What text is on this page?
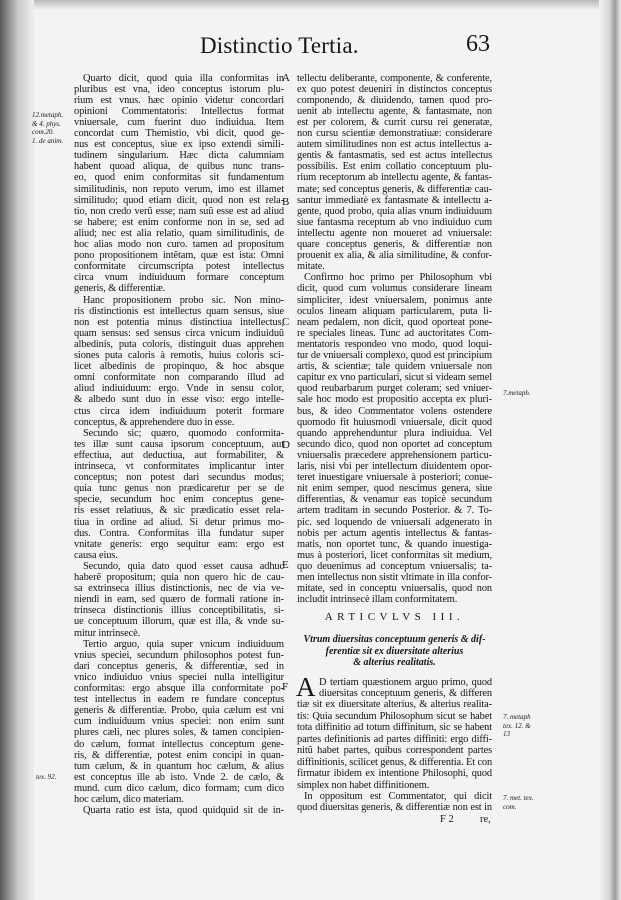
Distinctio Tertia.	63
Quarto dicit, quod quia illa conformitas in
pluribus est vna, ideo conceptus istorum plu-
rium est vnus. hæc opinio videtur concordari
opinioni Commentatoris: Intellectus format
vniuersale, cum fuerint duo indiuidua. Item
concordat cum Themistio, vbi dicit, quod ge-
nus est conceptus, siue ex ipso extendi simili-
tudinem singularium. Hæc dicta calumniam
habent quoad aliqua, de quibus nunc trans-
eo, quod enim conformitas sit fundamentum
similitudinis, non reputo verum, imo est illamet
similitudo; quod etiam dicit, quod non est rela-
tio, non credo verũ esse; nam suũ esse est ad aliud
se habere; est enim conforme non in se, sed ad
aliud; nec est alia relatio, quam similitudinis, de
hoc alias modo non curo. tamen ad propositum
pono propositionem intẽtam, quæ est ista: Omni
conformitate circumscripta potest intellectus
circa vnum indiuiduum formare conceptum
generis, & differentiæ.
Hanc propositionem probo sic. Non mino-
ris distinctionis est intellectus quam sensus, siue
non est potentia minus distinctiua intellectus,
quam sensus: sed sensus circa vnicum indiuiduũ
albedinis, puta coloris, distinguit duas apprehen
siones puta caloris à remotis, huius coloris sci-
licet albedinis de propinquo, & hoc absque
omni conformitate non comparando illud ad
aliud indiuiduum: ergo. Vnde in sensu color,
& albedo sunt duo in esse viso: ergo intelle-
ctus circa idem indiuiduum poterit formare
conceptus, & apprehendere duo in esse.
Secundo sic; quæro, quomodo conformita-
tes illæ sunt causa ipsorum conceptuum, aut
effectiua, aut deductiua, aut formabiliter, &
intrinseca, vt conformitates implicantur inter
conceptus; non potest dari secundus modus;
quia tunc genus non prædicaretur per se de
specie, secundum hoc enim conceptus gene-
ris esset relatiuus, & sic prædicatio esset rela-
tiua in ordine ad aliud. Si detur primus mo-
dus. Contra. Conformitas illa fundatur super
vnitate generis: ergo sequitur eam: ergo est
causa eius.
Secundo, quia dato quod esset causa adhuc
haberẽ propositum; quia non quero hic de cau-
sa extrinseca illius distinctionis, nec de via ve-
niendi in eam, sed quæro de formali ratione in-
trinseca distinctionis illius conceptibilitatis, si-
ue conceptuum illorum, quæ est illa, & vnde su-
mitur intrinsecè.
Tertio arguo, quia super vnicum indiuiduum
vnius speciei, secundum philosophos potest fun-
dari conceptus generis, & differentiæ, sed in
vnico indiuiduo vnius speciei nulla intelligitur
conformitas: ergo absque illa conformitate po-
test intellectus in eadem re fundare conceptus
generis & differentiæ. Probo, quia cælum est vni
cum indiuiduum vnius speciei: non enim sunt
plures cæli, nec plures soles, & tamen concipien-
do cælum, format intellectus conceptum gene-
ris, & differentiæ, potest enim concipi in quan-
tum cælum, & in quantum hoc cælum, & alius
est conceptus ille ab isto. Vnde 2. de cælo, &
mund. cum dico cælum, dico formam; cum dico
hoc cælum, dico materiam.
Quarta ratio est ista, quod quidquid sit de in-
tellectu deliberante, componente, & conferente,
ex quo potest deueniri in distinctos conceptus
componendo, & diuidendo, tamen quod pro-
uenit ab intellectu agente, & fantasmate, non
est per colorem, & currit cursu rei generatæ,
non cursu scientiæ demonstratiuæ: considerare
autem similitudines non est actus intellectus a-
gentis & fantasmatis, sed est actus intellectus
possibilis. Est enim collatio conceptuum plu-
rium receptorum ab intellectu agente, & fantas-
mate; sed conceptus generis, & differentiæ cau-
santur immediatè ex fantasmate & intellectu a-
gente, quod probo, quia alias vnum indiuiduum
siue fantasma receptum ab vno indiuiduo cum
intellectu agente non moueret ad vniuersale:
quare conceptus generis, & differentiæ non
prouenit ex alia, & alia similitudine, & confor-
mitate.
Confirmo hoc primo per Philosophum vbi
dicit, quod cum volumus considerare lineam
simpliciter, idest vniuersalem, ponimus ante
oculos lineam aliquam particularem, puta li-
neam pedalem, non dicit, quod oporteat pone-
re speciales lineas. Tunc ad auctoritates Com-
mentatoris respondeo vno modo, quod loqui-
tur de vniuersali complexo, quod est principium
artis, & scientiæ; tale quidem vniuersale non
capitur ex vno particulari, sicut si videam semel
quod reubarbarum purget coleram; sed vniuer-
sale hoc modo est propositio accepta ex pluri-
bus, & ideo Commentator volens ostendere
quomodo fit huiusmodi vniuersale, dicit quod
quando apprehenduntur plura indiuidua. Vel
secundo dico, quod non oportet ad conceptum
vniuersalis præcedere apprehensionem particu-
laris, nisi vbi per intellectum diuidentem opor-
teret inuestigare vniuersale à posteriori; conue-
nit enim semper, quod nescimus genera, siue
differentias, & venamur eas topicè secundum
artem traditam in secundo Posterior. & 7. To-
pic. sed loquendo de vniuersali adgenerato in
nobis per actum agentis intellectus & fantas-
matis, non oportet tunc, & quando inuestiga-
mus à posteriori, licet conformitas sit medium,
quo deuenimus ad conceptum vniuersalis; ta-
men intellectus non sistit vltimate in illa confor-
mitate, sed in conceptu vniuersalis, quod non
includit intrinsecè illam conformitatem.
A
B
C
D
E
F
12.metaph.
& 4. phys.
com.20.
1. de anim.
tex. 92.
7.metaph.
7. metaph
tex. 12. &
13
7. met. tex.
com.
ARTICVLVS III.
Vtrum diuersitas conceptuum generis & dif-
ferentiæ sit ex diuersitate alterius
& alterius realitatis.
A D tertiam quæstionem arguo primo, quod
diuersitas conceptuum generis, & differen
tiæ sit ex diuersitate alterius, & alterius realita-
tis: Quia secundum Philosophum sicut se habet
tota diffinitio ad totum diffinitum, sic se habent
partes definitionis ad partes diffiniti: ergo diffi-
nitũ habet partes, quibus correspondent partes
diffinitionis, scilicet genus, & differentia. Et con
firmatur ibidem ex intentione Philosophi, quod
simplex non habet diffinitionem.
In oppositum est Commentator, qui dicit
quod diuersitas generis, & differentiæ non est in
F 2	re,
